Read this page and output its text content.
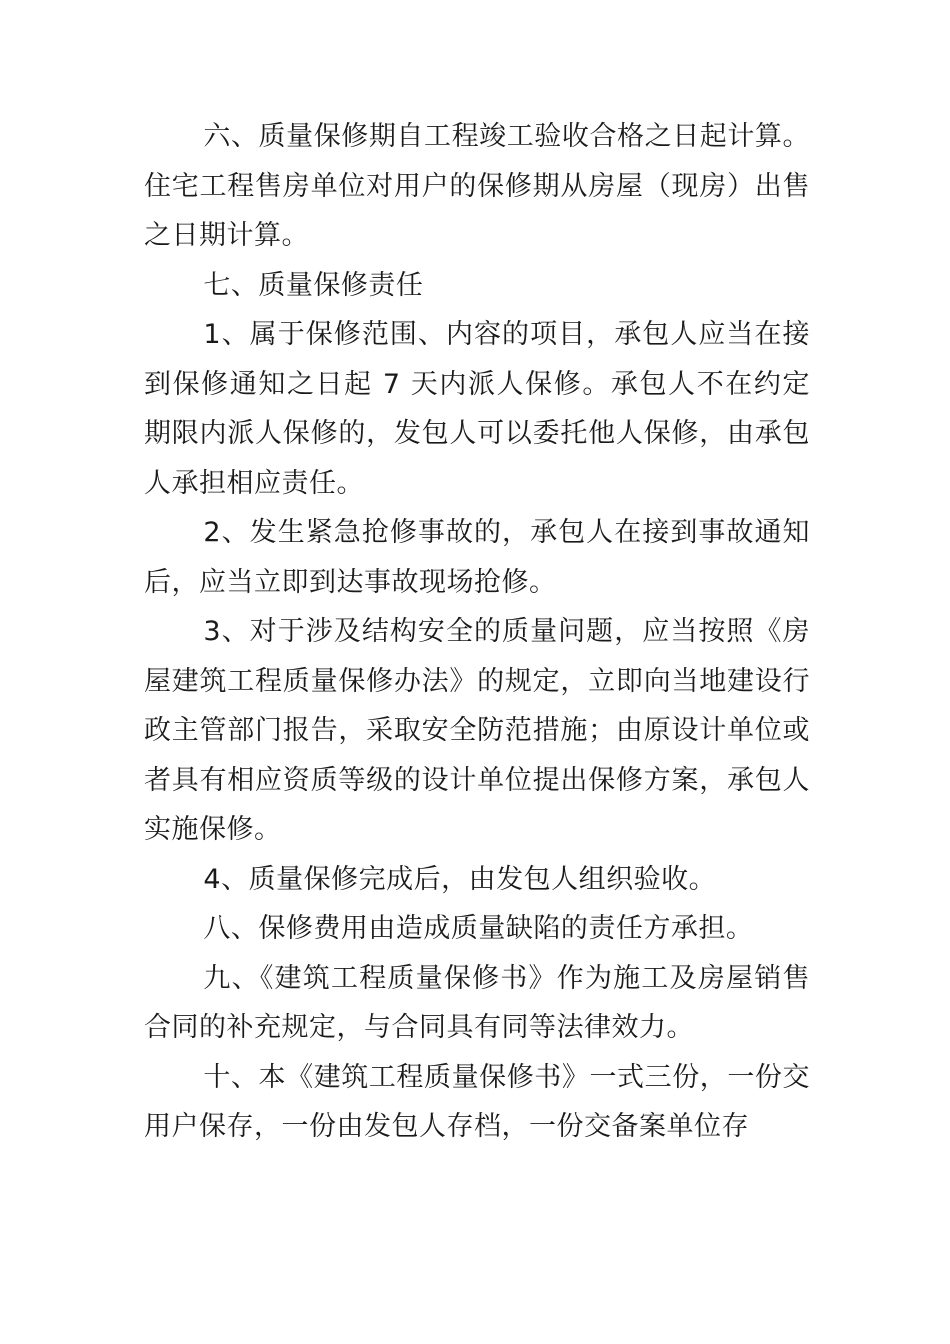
六、质量保修期自工程竣工验收合格之日起计算。住宅工程售房单位对用户的保修期从房屋（现房）出售之日期计算。

七、质量保修责任

1、属于保修范围、内容的项目，承包人应当在接到保修通知之日起 7 天内派人保修。承包人不在约定期限内派人保修的，发包人可以委托他人保修，由承包人承担相应责任。

2、发生紧急抢修事故的，承包人在接到事故通知后，应当立即到达事故现场抢修。

3、对于涉及结构安全的质量问题，应当按照《房屋建筑工程质量保修办法》的规定，立即向当地建设行政主管部门报告，采取安全防范措施；由原设计单位或者具有相应资质等级的设计单位提出保修方案，承包人实施保修。

4、质量保修完成后，由发包人组织验收。

八、保修费用由造成质量缺陷的责任方承担。

九、《建筑工程质量保修书》作为施工及房屋销售合同的补充规定，与合同具有同等法律效力。

十、本《建筑工程质量保修书》一式三份，一份交用户保存，一份由发包人存档，一份交备案单位存
